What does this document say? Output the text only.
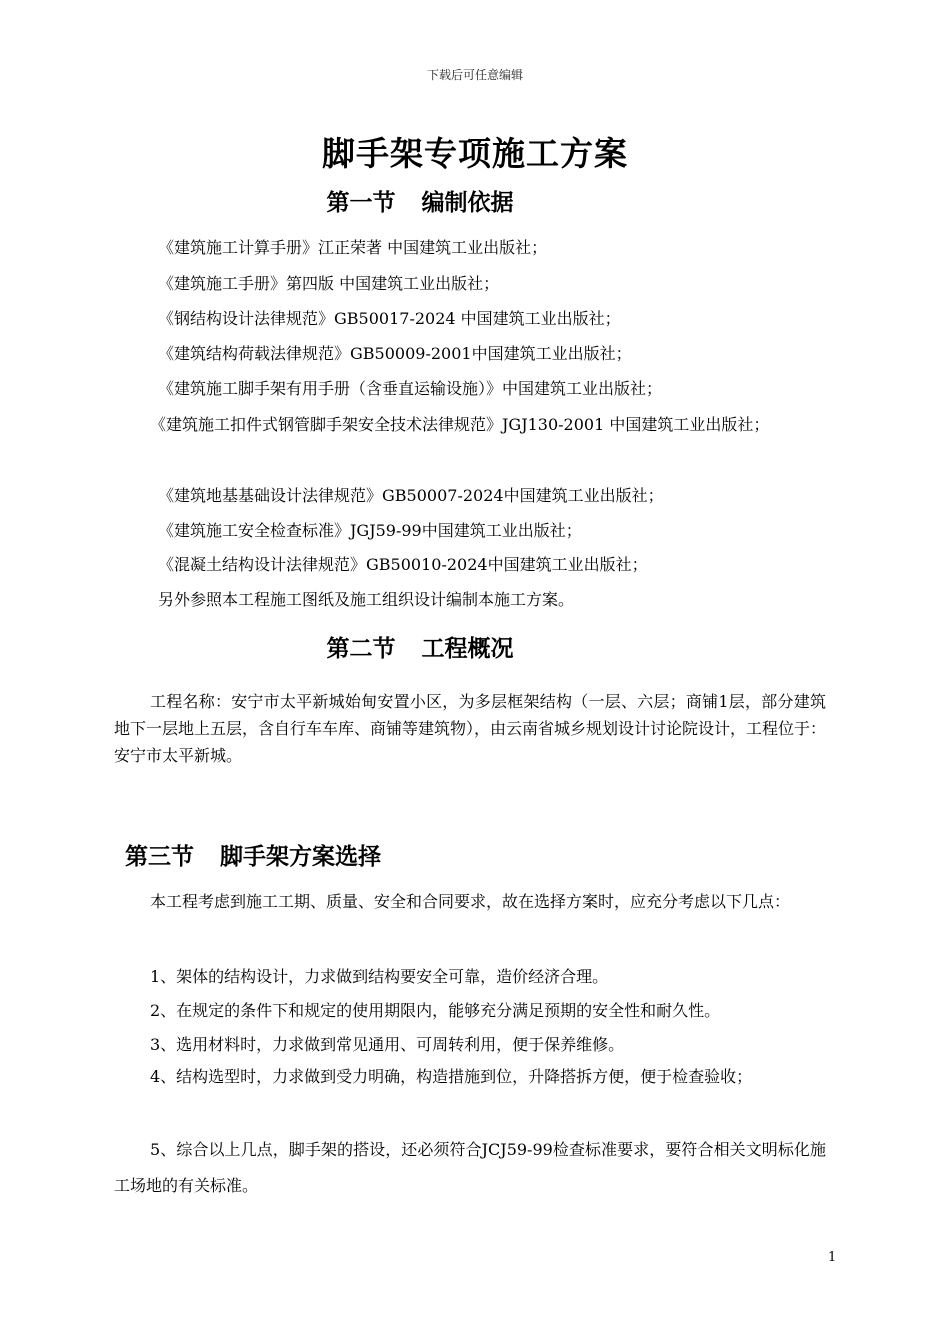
下载后可任意编辑
脚手架专项施工方案
第一节 编制依据
《建筑施工计算手册》江正荣著 中国建筑工业出版社；
《建筑施工手册》第四版 中国建筑工业出版社；
《钢结构设计法律规范》GB50017-2024 中国建筑工业出版社；
《建筑结构荷载法律规范》GB50009-2001中国建筑工业出版社；
《建筑施工脚手架有用手册（含垂直运输设施）》中国建筑工业出版社；
《建筑施工扣件式钢管脚手架安全技术法律规范》JGJ130-2001 中国建筑工业出版社；
《建筑地基基础设计法律规范》GB50007-2024中国建筑工业出版社；
《建筑施工安全检查标准》JGJ59-99中国建筑工业出版社；
《混凝土结构设计法律规范》GB50010-2024中国建筑工业出版社；
另外参照本工程施工图纸及施工组织设计编制本施工方案。
第二节 工程概况
工程名称：安宁市太平新城始甸安置小区，为多层框架结构（一层、六层；商铺1层，部分建筑地下一层地上五层，含自行车车库、商铺等建筑物），由云南省城乡规划设计讨论院设计，工程位于：安宁市太平新城。
第三节 脚手架方案选择
本工程考虑到施工工期、质量、安全和合同要求，故在选择方案时，应充分考虑以下几点：
1、架体的结构设计，力求做到结构要安全可靠，造价经济合理。
2、在规定的条件下和规定的使用期限内，能够充分满足预期的安全性和耐久性。
3、选用材料时，力求做到常见通用、可周转利用，便于保养维修。
4、结构选型时，力求做到受力明确，构造措施到位，升降搭拆方便，便于检查验收；
5、综合以上几点，脚手架的搭设，还必须符合JCJ59-99检查标准要求，要符合相关文明标化施工场地的有关标准。
1
